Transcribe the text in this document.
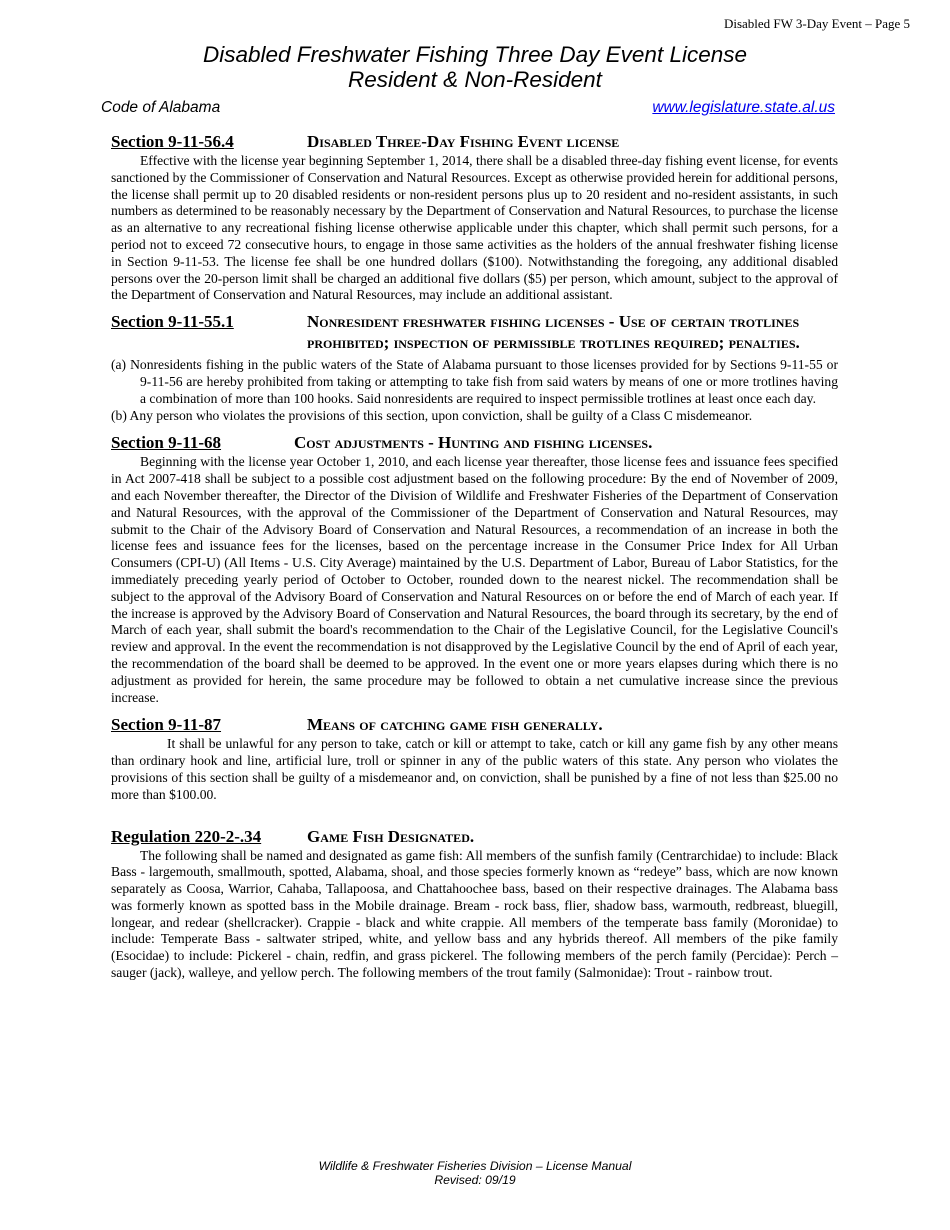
Disabled FW 3-Day Event – Page 5
Disabled Freshwater Fishing Three Day Event License
Resident & Non-Resident
Code of Alabama	www.legislature.state.al.us
Section 9-11-56.4	Disabled Three-Day Fishing Event license

Effective with the license year beginning September 1, 2014, there shall be a disabled three-day fishing event license, for events sanctioned by the Commissioner of Conservation and Natural Resources. Except as otherwise provided herein for additional persons, the license shall permit up to 20 disabled residents or non-resident persons plus up to 20 resident and no-resident assistants, in such numbers as determined to be reasonably necessary by the Department of Conservation and Natural Resources, to purchase the license as an alternative to any recreational fishing license otherwise applicable under this chapter, which shall permit such persons, for a period not to exceed 72 consecutive hours, to engage in those same activities as the holders of the annual freshwater fishing license in Section 9-11-53. The license fee shall be one hundred dollars ($100). Notwithstanding the foregoing, any additional disabled persons over the 20-person limit shall be charged an additional five dollars ($5) per person, which amount, subject to the approval of the Department of Conservation and Natural Resources, may include an additional assistant.

Section 9-11-55.1	Nonresident freshwater fishing licenses - Use of certain trotlines prohibited; inspection of permissible trotlines required; penalties.

(a) Nonresidents fishing in the public waters of the State of Alabama pursuant to those licenses provided for by Sections 9-11-55 or 9-11-56 are hereby prohibited from taking or attempting to take fish from said waters by means of one or more trotlines having a combination of more than 100 hooks. Said nonresidents are required to inspect permissible trotlines at least once each day.

(b) Any person who violates the provisions of this section, upon conviction, shall be guilty of a Class C misdemeanor.

Section 9-11-68	Cost adjustments - Hunting and fishing licenses.

Beginning with the license year October 1, 2010, and each license year thereafter, those license fees and issuance fees specified in Act 2007-418 shall be subject to a possible cost adjustment based on the following procedure: By the end of November of 2009, and each November thereafter, the Director of the Division of Wildlife and Freshwater Fisheries of the Department of Conservation and Natural Resources, with the approval of the Commissioner of the Department of Conservation and Natural Resources, may submit to the Chair of the Advisory Board of Conservation and Natural Resources, a recommendation of an increase in both the license fees and issuance fees for the licenses, based on the percentage increase in the Consumer Price Index for All Urban Consumers (CPI-U) (All Items - U.S. City Average) maintained by the U.S. Department of Labor, Bureau of Labor Statistics, for the immediately preceding yearly period of October to October, rounded down to the nearest nickel. The recommendation shall be subject to the approval of the Advisory Board of Conservation and Natural Resources on or before the end of March of each year. If the increase is approved by the Advisory Board of Conservation and Natural Resources, the board through its secretary, by the end of March of each year, shall submit the board's recommendation to the Chair of the Legislative Council, for the Legislative Council's review and approval. In the event the recommendation is not disapproved by the Legislative Council by the end of April of each year, the recommendation of the board shall be deemed to be approved. In the event one or more years elapses during which there is no adjustment as provided for herein, the same procedure may be followed to obtain a net cumulative increase since the previous increase.

Section 9-11-87	Means of catching game fish generally.

It shall be unlawful for any person to take, catch or kill or attempt to take, catch or kill any game fish by any other means than ordinary hook and line, artificial lure, troll or spinner in any of the public waters of this state. Any person who violates the provisions of this section shall be guilty of a misdemeanor and, on conviction, shall be punished by a fine of not less than $25.00 no more than $100.00.

Regulation 220-2-.34	Game Fish Designated.

The following shall be named and designated as game fish: All members of the sunfish family (Centrarchidae) to include: Black Bass - largemouth, smallmouth, spotted, Alabama, shoal, and those species formerly known as “redeye” bass, which are now known separately as Coosa, Warrior, Cahaba, Tallapoosa, and Chattahoochee bass, based on their respective drainages. The Alabama bass was formerly known as spotted bass in the Mobile drainage. Bream - rock bass, flier, shadow bass, warmouth, redbreast, bluegill, longear, and redear (shellcracker). Crappie - black and white crappie. All members of the temperate bass family (Moronidae) to include: Temperate Bass - saltwater striped, white, and yellow bass and any hybrids thereof. All members of the pike family (Esocidae) to include: Pickerel - chain, redfin, and grass pickerel. The following members of the perch family (Percidae): Perch – sauger (jack), walleye, and yellow perch. The following members of the trout family (Salmonidae): Trout - rainbow trout.

Wildlife & Freshwater Fisheries Division – License Manual
Revised: 09/19
